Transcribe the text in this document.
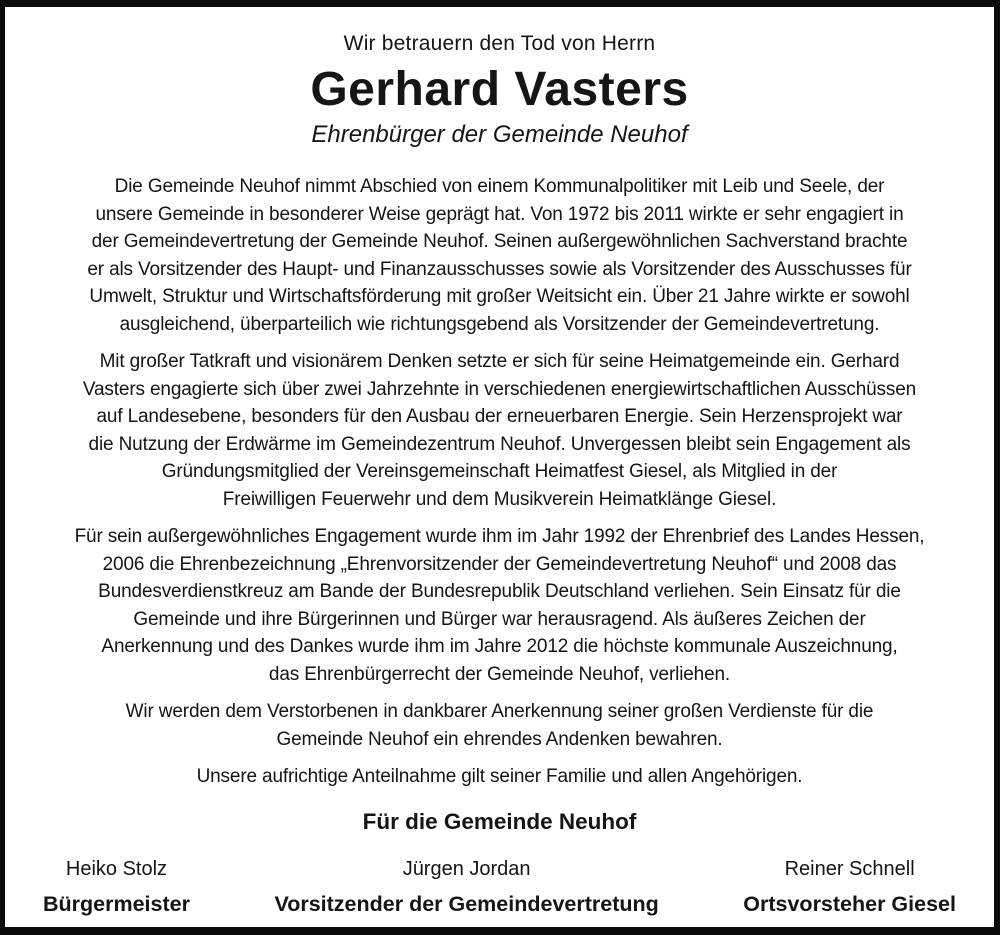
Wir betrauern den Tod von Herrn
Gerhard Vasters
Ehrenbürger der Gemeinde Neuhof
Die Gemeinde Neuhof nimmt Abschied von einem Kommunalpolitiker mit Leib und Seele, der
unsere Gemeinde in besonderer Weise geprägt hat. Von 1972 bis 2011 wirkte er sehr engagiert in
der Gemeindevertretung der Gemeinde Neuhof. Seinen außergewöhnlichen Sachverstand brachte
er als Vorsitzender des Haupt- und Finanzausschusses sowie als Vorsitzender des Ausschusses für
Umwelt, Struktur und Wirtschaftsförderung mit großer Weitsicht ein. Über 21 Jahre wirkte er sowohl
ausgleichend, überparteilich wie richtungsgebend als Vorsitzender der Gemeindevertretung.
Mit großer Tatkraft und visionärem Denken setzte er sich für seine Heimatgemeinde ein. Gerhard
Vasters engagierte sich über zwei Jahrzehnte in verschiedenen energiewirtschaftlichen Ausschüssen
auf Landesebene, besonders für den Ausbau der erneuerbaren Energie. Sein Herzensprojekt war
die Nutzung der Erdwärme im Gemeindezentrum Neuhof. Unvergessen bleibt sein Engagement als
Gründungsmitglied der Vereinsgemeinschaft Heimatfest Giesel, als Mitglied in der
Freiwilligen Feuerwehr und dem Musikverein Heimatklänge Giesel.
Für sein außergewöhnliches Engagement wurde ihm im Jahr 1992 der Ehrenbrief des Landes Hessen,
2006 die Ehrenbezeichnung „Ehrenvorsitzender der Gemeindevertretung Neuhof“ und 2008 das
Bundesverdienstkreuz am Bande der Bundesrepublik Deutschland verliehen. Sein Einsatz für die
Gemeinde und ihre Bürgerinnen und Bürger war herausragend. Als äußeres Zeichen der
Anerkennung und des Dankes wurde ihm im Jahre 2012 die höchste kommunale Auszeichnung,
das Ehrenbürgerrecht der Gemeinde Neuhof, verliehen.
Wir werden dem Verstorbenen in dankbarer Anerkennung seiner großen Verdienste für die
Gemeinde Neuhof ein ehrendes Andenken bewahren.
Unsere aufrichtige Anteilnahme gilt seiner Familie und allen Angehörigen.
Für die Gemeinde Neuhof
Heiko Stolz
Bürgermeister
Jürgen Jordan
Vorsitzender der Gemeindevertretung
Reiner Schnell
Ortsvorsteher Giesel
